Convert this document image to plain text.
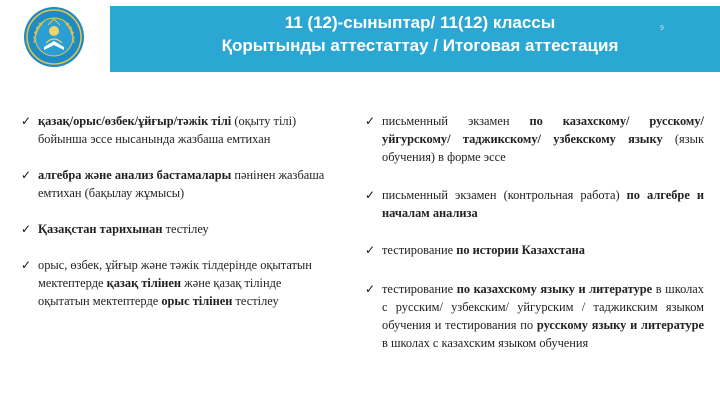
11 (12)-сыныптар/ 11(12) классы
Қорытынды аттестаттау / Итоговая аттестация
9

✓ қазақ/орыс/өзбек/ұйғыр/тәжік тілі (оқыту тілі) бойынша эссе нысанында жазбаша емтихан

✓ алгебра және анализ бастамалары пәнінен жазбаша емтихан (бақылау жұмысы)

✓ Қазақстан тарихынан тестілеу

✓ орыс, өзбек, ұйғыр және тәжік тілдерінде оқытатын мектептерде қазақ тілінен және қазақ тілінде оқытатын мектептерде орыс тілінен тестілеу

✓ письменный экзамен по казахскому/ русскому/ уйгурскому/ таджикскому/ узбекскому языку (язык обучения) в форме эссе

✓ письменный экзамен (контрольная работа) по алгебре и началам анализа

✓ тестирование по истории Казахстана

✓ тестирование по казахскому языку и литературе в школах с русским/ узбекским/ уйгурским / таджикским языком обучения и тестирования по русскому языку и литературе в школах с казахским языком обучения
